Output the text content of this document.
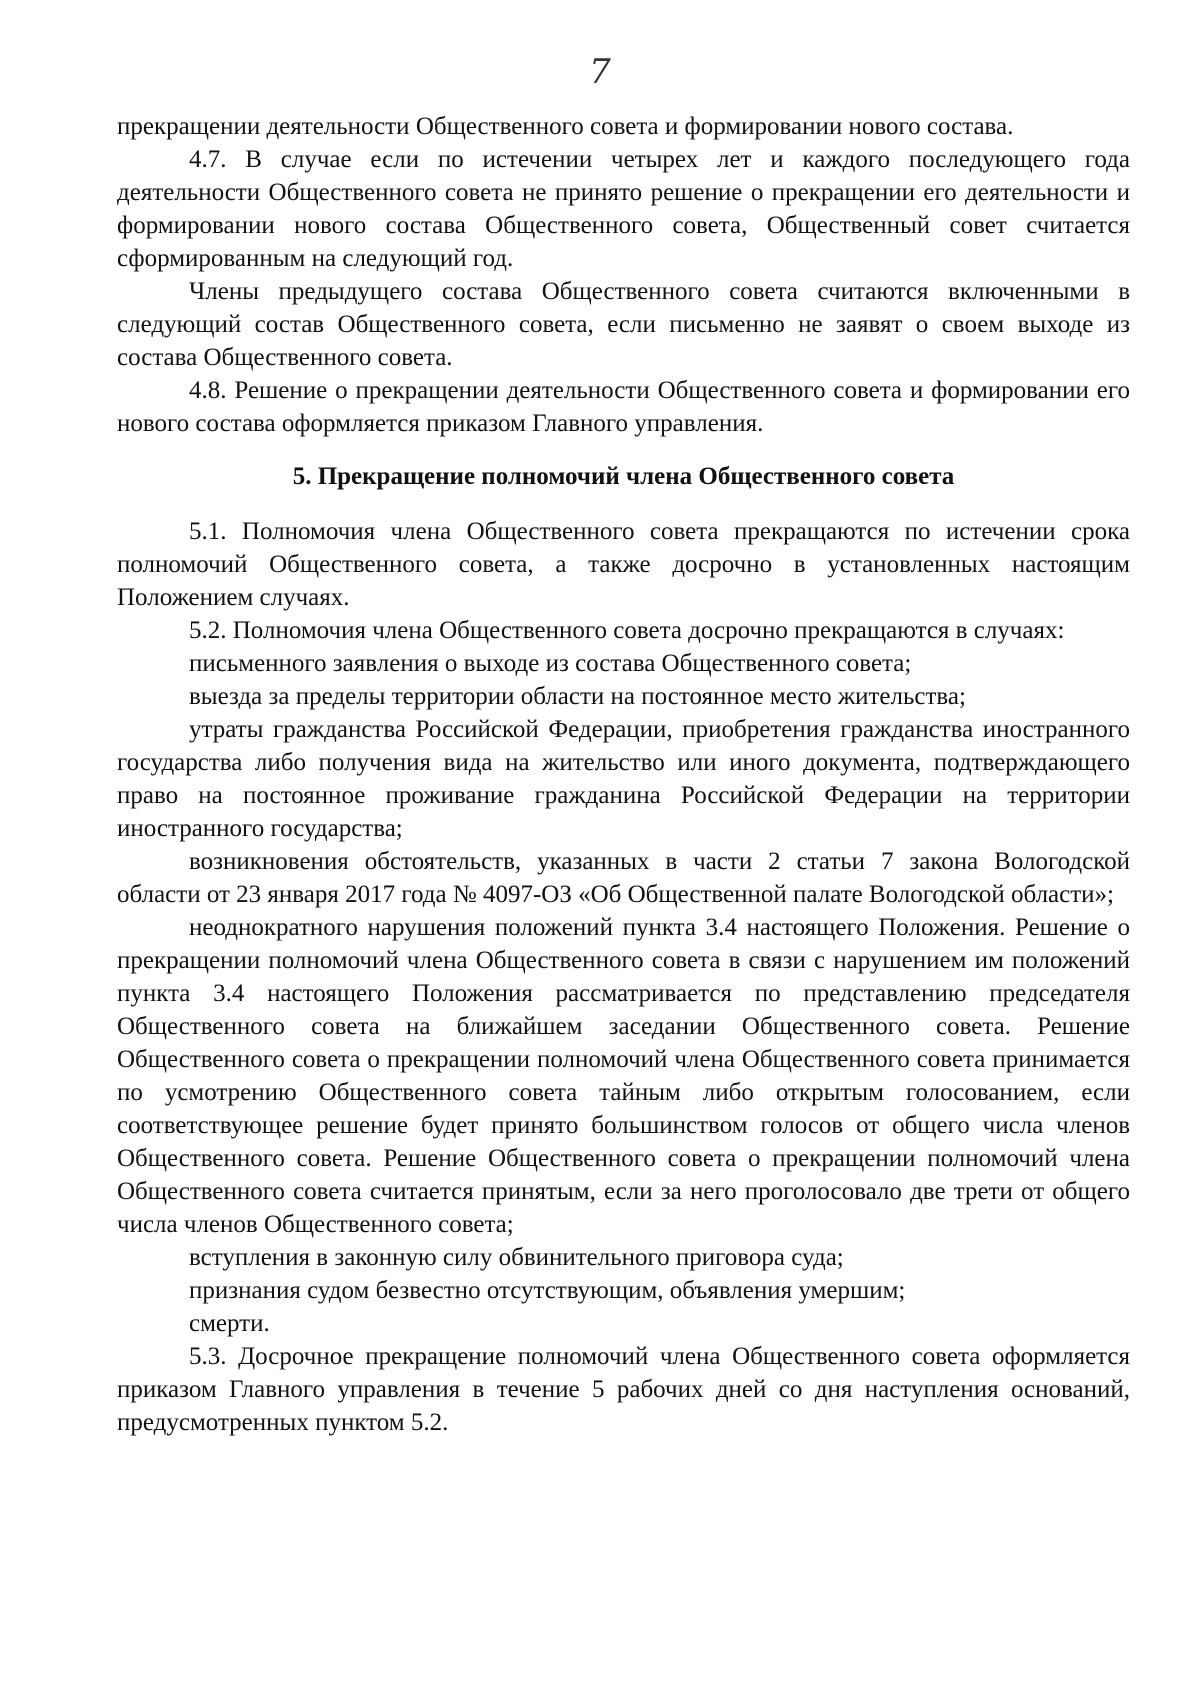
7

прекращении деятельности Общественного совета и формировании нового состава.

4.7. В случае если по истечении четырех лет и каждого последующего года деятельности Общественного совета не принято решение о прекращении его деятельности и формировании нового состава Общественного совета, Общественный совет считается сформированным на следующий год.

Члены предыдущего состава Общественного совета считаются включенными в следующий состав Общественного совета, если письменно не заявят о своем выходе из состава Общественного совета.

4.8. Решение о прекращении деятельности Общественного совета и формировании его нового состава оформляется приказом Главного управления.

5. Прекращение полномочий члена Общественного совета

5.1. Полномочия члена Общественного совета прекращаются по истечении срока полномочий Общественного совета, а также досрочно в установленных настоящим Положением случаях.

5.2. Полномочия члена Общественного совета досрочно прекращаются в случаях:

письменного заявления о выходе из состава Общественного совета;

выезда за пределы территории области на постоянное место жительства;

утраты гражданства Российской Федерации, приобретения гражданства иностранного государства либо получения вида на жительство или иного документа, подтверждающего право на постоянное проживание гражданина Российской Федерации на территории иностранного государства;

возникновения обстоятельств, указанных в части 2 статьи 7 закона Вологодской области от 23 января 2017 года № 4097-ОЗ «Об Общественной палате Вологодской области»;

неоднократного нарушения положений пункта 3.4 настоящего Положения. Решение о прекращении полномочий члена Общественного совета в связи с нарушением им положений пункта 3.4 настоящего Положения рассматривается по представлению председателя Общественного совета на ближайшем заседании Общественного совета. Решение Общественного совета о прекращении полномочий члена Общественного совета принимается по усмотрению Общественного совета тайным либо открытым голосованием, если соответствующее решение будет принято большинством голосов от общего числа членов Общественного совета. Решение Общественного совета о прекращении полномочий члена Общественного совета считается принятым, если за него проголосовало две трети от общего числа членов Общественного совета;

вступления в законную силу обвинительного приговора суда;

признания судом безвестно отсутствующим, объявления умершим;

смерти.

5.3. Досрочное прекращение полномочий члена Общественного совета оформляется приказом Главного управления в течение 5 рабочих дней со дня наступления оснований, предусмотренных пунктом 5.2.
